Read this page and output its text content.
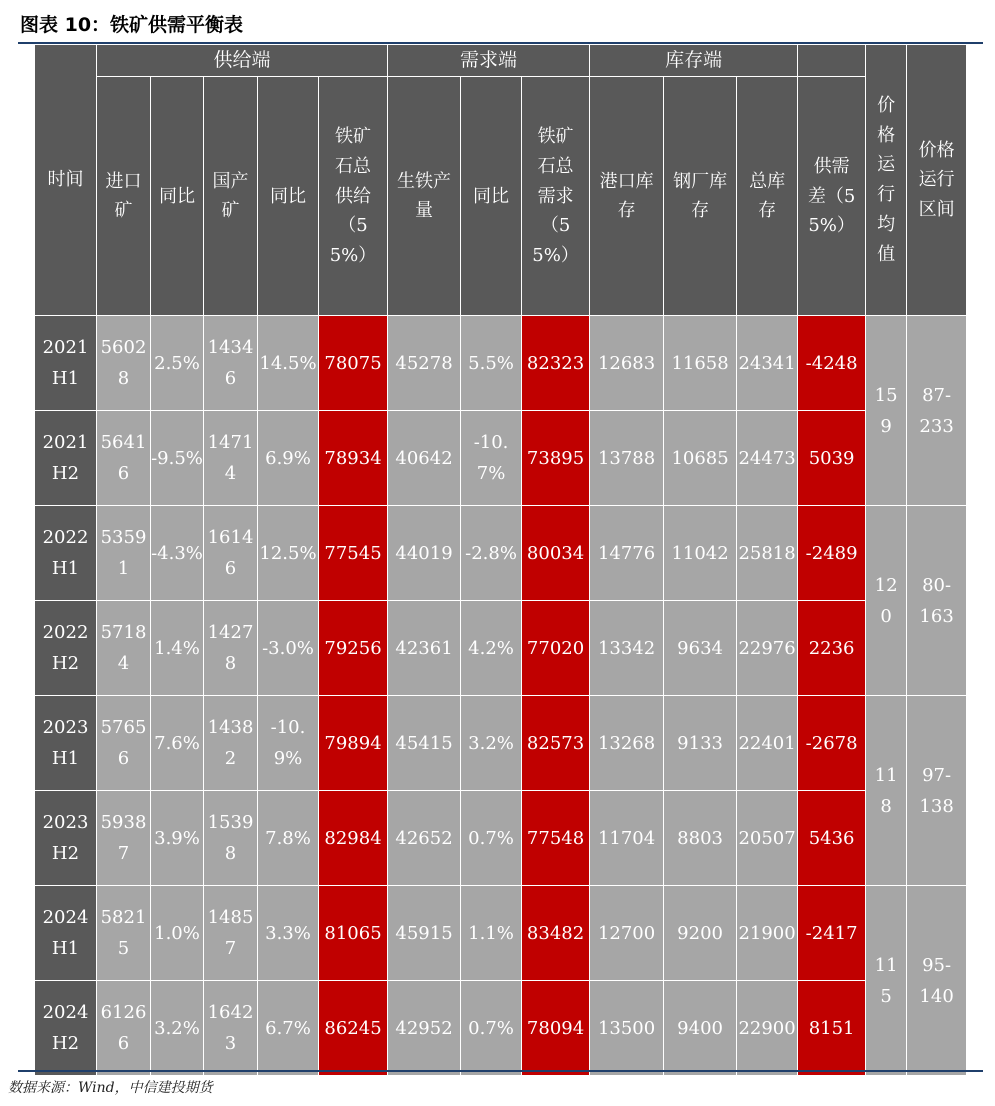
图表 10：铁矿供需平衡表
时间	供给端					需求端			库存端				价格运行均值	价格运行区间
	进口矿	同比	国产矿	同比	铁矿石总供给（55%）	生铁产量	同比	铁矿石总需求（55%）	港口库存	钢厂库存	总库存	供需差（55%）		
2021H1	56028	2.5%	14346	14.5%	78075	45278	5.5%	82323	12683	11658	24341	-4248	159	87-233
2021H2	56416	-9.5%	14714	6.9%	78934	40642	-10.7%	73895	13788	10685	24473	5039		
2022H1	53591	-4.3%	16146	12.5%	77545	44019	-2.8%	80034	14776	11042	25818	-2489	120	80-163
2022H2	57184	1.4%	14278	-3.0%	79256	42361	4.2%	77020	13342	9634	22976	2236		
2023H1	57656	7.6%	14382	-10.9%	79894	45415	3.2%	82573	13268	9133	22401	-2678	118	97-138
2023H2	59387	3.9%	15398	7.8%	82984	42652	0.7%	77548	11704	8803	20507	5436		
2024H1	58215	1.0%	14857	3.3%	81065	45915	1.1%	83482	12700	9200	21900	-2417	115	95-140
2024H2	61266	3.2%	16423	6.7%	86245	42952	0.7%	78094	13500	9400	22900	8151		
数据来源：Wind，中信建投期货
